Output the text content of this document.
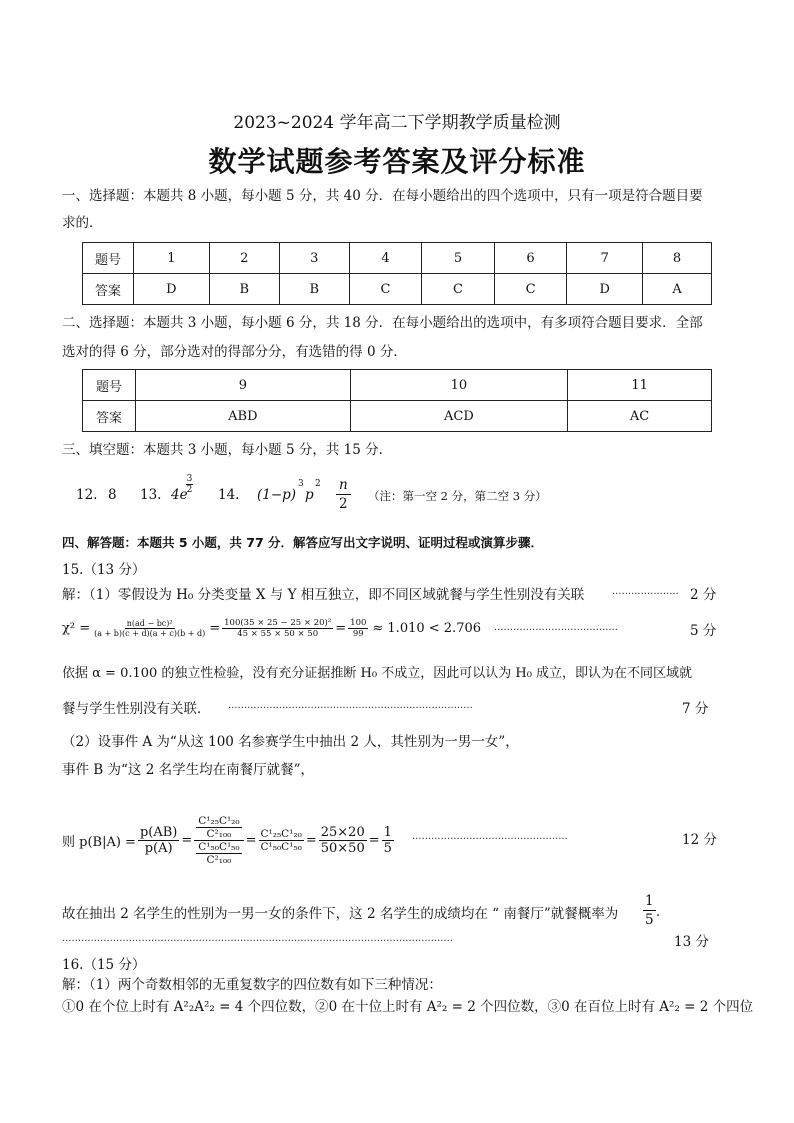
2023~2024 学年高二下学期教学质量检测
数学试题参考答案及评分标准
一、选择题：本题共 8 小题，每小题 5 分，共 40 分．在每小题给出的四个选项中，只有一项是符合题目要
求的．
题号	1	2	3	4	5	6	7	8
答案	D	B	B	C	C	C	D	A
二、选择题：本题共 3 小题，每小题 6 分，共 18 分．在每小题给出的选项中，有多项符合题目要求．全部
选对的得 6 分，部分选对的得部分分，有选错的得 0 分．
题号	9	10	11
答案	ABD	ACD	AC
三、填空题：本题共 3 小题，每小题 5 分，共 15 分．
12. 8 13. 4e
3
2 14. (1−p)
3
p
$2 \frac{n}{2}$ （注：第一空 2 分，第二空 3 分）
四、解答题：本题共 5 小题，共 77 分．解答应写出文字说明、证明过程或演算步骤．
15.（13 分）
解：（1）零假设为 H₀ 分类变量 X 与 Y 相互独立，即不同区域就餐与学生性别没有关联	····················· 2 分
$\chi^2 = \frac{\text{n(ad − bc)²}}{(a + b)(c + d)(a + c)(b + d)} = \frac{\text{100(35 × 25 − 25 × 20)²}}{45 \times 55 \times 50 \times 50} = \frac{100}{99} \approx 1.010 < 2.706$ ·······································	5 分
依据 α = 0.100 的独立性检验，没有充分证据推断 H₀ 不成立，因此可以认为 H₀ 成立，即认为在不同区域就
餐与学生性别没有关联． ·············································································	7 分
（2）设事件 A 为“从这 100 名参赛学生中抽出 2 人，其性别为一男一女”，
事件 B 为“这 2 名学生均在南餐厅就餐”，
则 $p(B|A) = \frac{p(AB)}{p(A)} = \frac{\frac{\text{C¹₂₅C¹₂₀}}{\text{C²₁₀₀}}}{\frac{\text{C¹₅₀C¹₅₀}}{\text{C²₁₀₀}}} = \frac{\text{C¹₂₅C¹₂₀}}{\text{C¹₅₀C¹₅₀}} = \frac{25\times 20}{50\times 50} = \frac{1}{5}$ ·················································	12 分
故在抽出 2 名学生的性别为一男一女的条件下，这 2 名学生的成绩均在 “ 南餐厅”就餐概率为 $\frac{1}{5}$ .
···························································································································	13 分
16.（15 分）
解：（1）两个奇数相邻的无重复数字的四位数有如下三种情况：
①0 在个位上时有 A²₂A²₂ = 4 个四位数，②0 在十位上时有 A²₂ = 2 个四位数，③0 在百位上时有 A²₂ = 2 个四位
